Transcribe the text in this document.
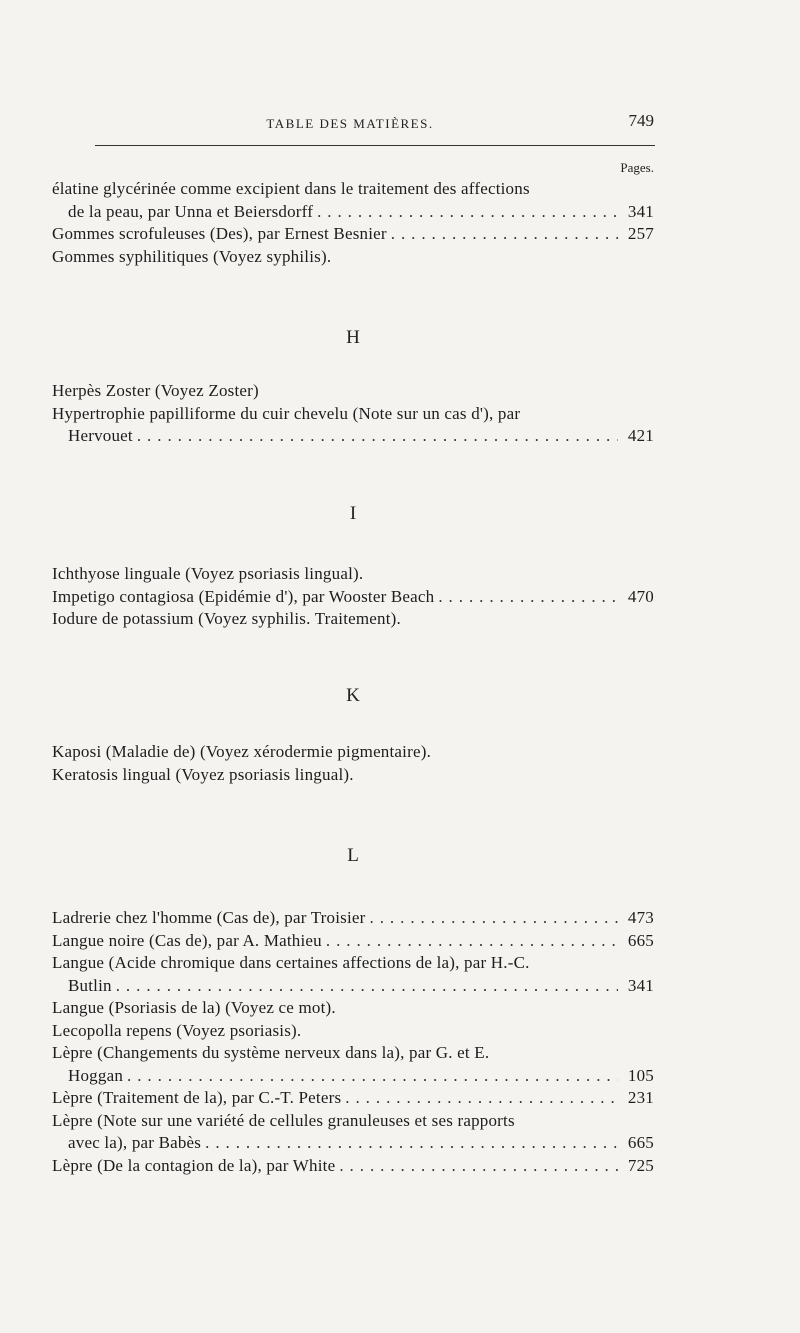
TABLE DES MATIÈRES.	749
Pages.
élatine glycérinée comme excipient dans le traitement des affections
de la peau, par Unna et Beiersdorff . . .	341
Gommes scrofuleuses (Des), par Ernest Besnier . . .	257
Gommes syphilitiques (Voyez syphilis).
H
Herpès Zoster (Voyez Zoster)
Hypertrophie papilliforme du cuir chevelu (Note sur un cas d'), par
Hervouet . . .	421
I
Ichthyose linguale (Voyez psoriasis lingual).
Impetigo contagiosa (Epidémie d'), par Wooster Beach . . .	470
Iodure de potassium (Voyez syphilis. Traitement).
K
Kaposi (Maladie de) (Voyez xérodermie pigmentaire).
Keratosis lingual (Voyez psoriasis lingual).
L
Ladrerie chez l'homme (Cas de), par Troisier . . .	473
Langue noire (Cas de), par A. Mathieu . . .	665
Langue (Acide chromique dans certaines affections de la), par H.-C.
Butlin . . .	341
Langue (Psoriasis de la) (Voyez ce mot).
Lecopolla repens (Voyez psoriasis).
Lèpre (Changements du système nerveux dans la), par G. et E.
Hoggan . . .	105
Lèpre (Traitement de la), par C.-T. Peters . . .	231
Lèpre (Note sur une variété de cellules granuleuses et ses rapports
avec la), par Babès . . .	665
Lèpre (De la contagion de la), par White . . .	725
